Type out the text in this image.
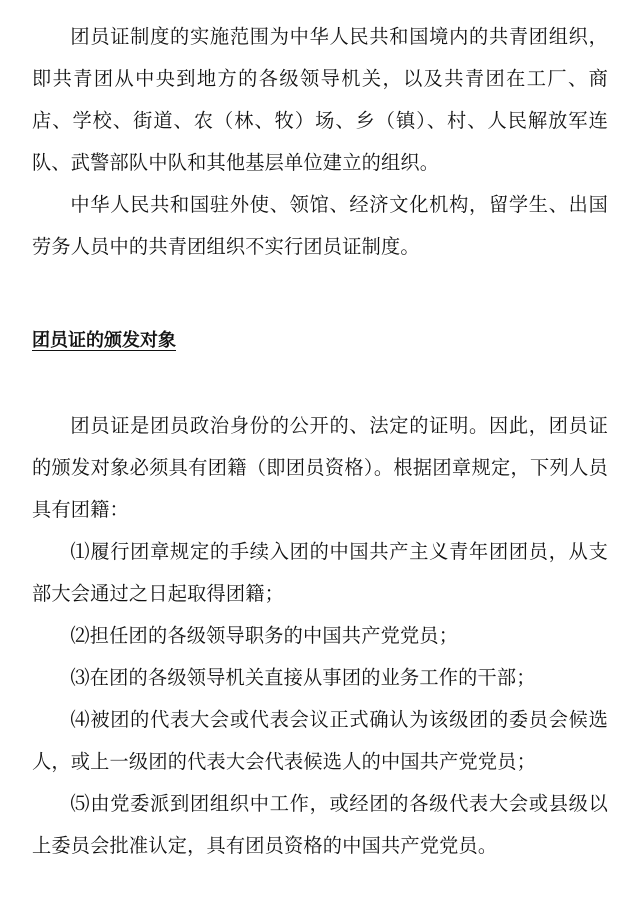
团员证制度的实施范围为中华人民共和国境内的共青团组织，即共青团从中央到地方的各级领导机关，以及共青团在工厂、商店、学校、街道、农（林、牧）场、乡（镇）、村、人民解放军连队、武警部队中队和其他基层单位建立的组织。

中华人民共和国驻外使、领馆、经济文化机构，留学生、出国劳务人员中的共青团组织不实行团员证制度。

团员证的颁发对象

团员证是团员政治身份的公开的、法定的证明。因此，团员证的颁发对象必须具有团籍（即团员资格）。根据团章规定，下列人员具有团籍：

⑴履行团章规定的手续入团的中国共产主义青年团团员，从支部大会通过之日起取得团籍；

⑵担任团的各级领导职务的中国共产党党员；

⑶在团的各级领导机关直接从事团的业务工作的干部；

⑷被团的代表大会或代表会议正式确认为该级团的委员会候选人，或上一级团的代表大会代表候选人的中国共产党党员；

⑸由党委派到团组织中工作，或经团的各级代表大会或县级以上委员会批准认定，具有团员资格的中国共产党党员。
